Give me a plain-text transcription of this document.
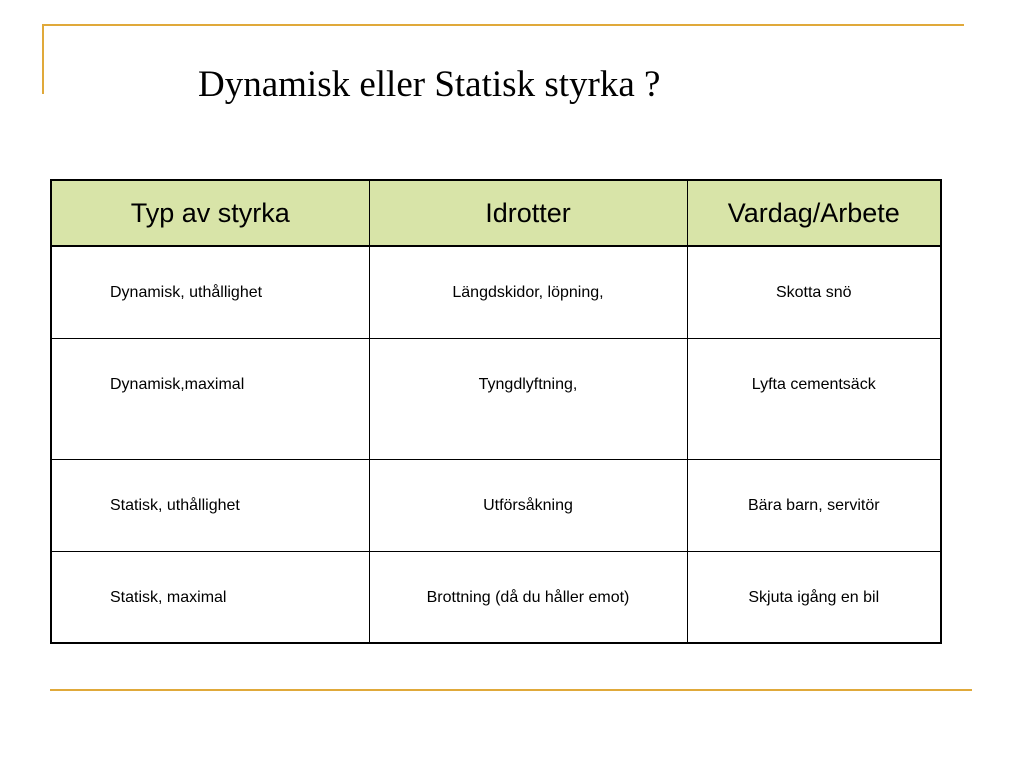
Dynamisk eller Statisk styrka ?
Typ av styrka	Idrotter	Vardag/Arbete
Dynamisk, uthållighet	Längdskidor, löpning,	Skotta snö
Dynamisk,maximal	Tyngdlyftning,	Lyfta cementsäck
Statisk, uthållighet	Utförsåkning	Bära barn, servitör
Statisk, maximal	Brottning (då du håller emot)	Skjuta igång en bil
